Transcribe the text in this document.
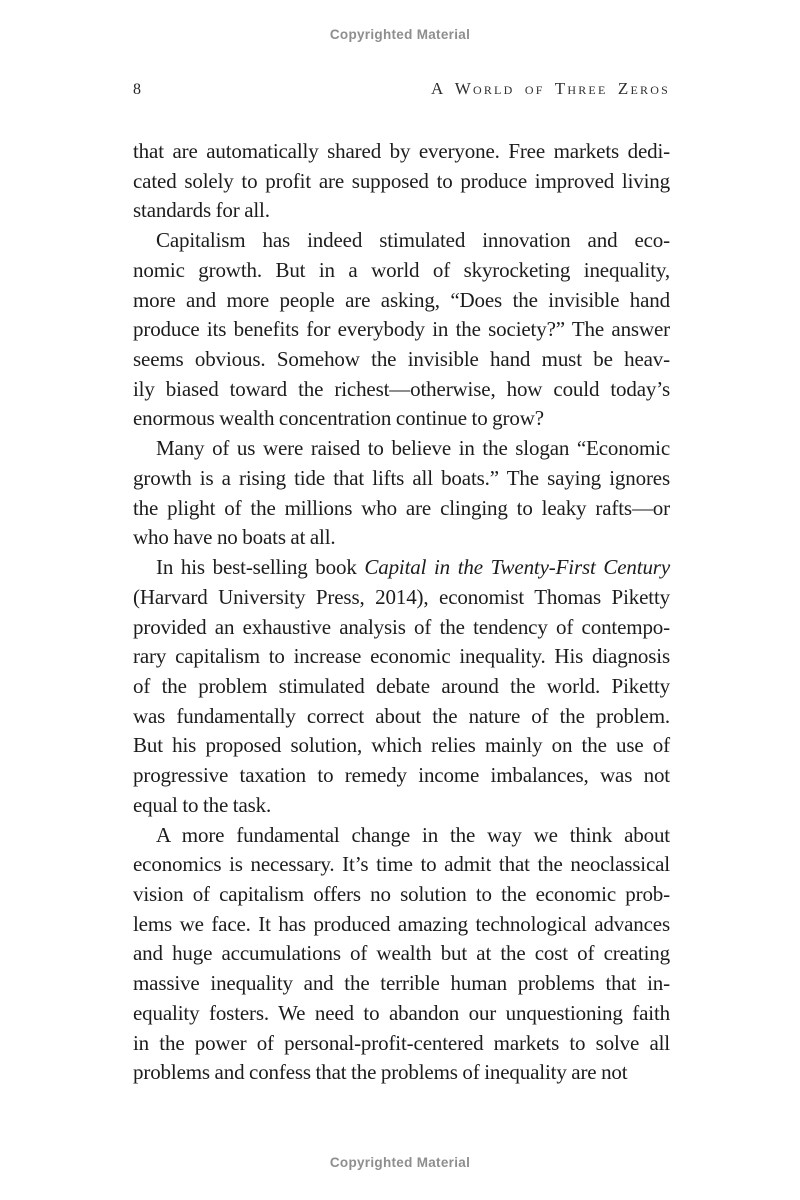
Copyrighted Material
8	A World of Three Zeros
that are automatically shared by everyone. Free markets dedi-
cated solely to profit are supposed to produce improved living
standards for all.
Capitalism has indeed stimulated innovation and eco-
nomic growth. But in a world of skyrocketing inequality,
more and more people are asking, “Does the invisible hand
produce its benefits for everybody in the society?” The answer
seems obvious. Somehow the invisible hand must be heav-
ily biased toward the richest—otherwise, how could today’s
enormous wealth concentration continue to grow?
Many of us were raised to believe in the slogan “Economic
growth is a rising tide that lifts all boats.” The saying ignores
the plight of the millions who are clinging to leaky rafts—or
who have no boats at all.
In his best-selling book Capital in the Twenty-First Century
(Harvard University Press, 2014), economist Thomas Piketty
provided an exhaustive analysis of the tendency of contempo-
rary capitalism to increase economic inequality. His diagnosis
of the problem stimulated debate around the world. Piketty
was fundamentally correct about the nature of the problem.
But his proposed solution, which relies mainly on the use of
progressive taxation to remedy income imbalances, was not
equal to the task.
A more fundamental change in the way we think about
economics is necessary. It’s time to admit that the neoclassical
vision of capitalism offers no solution to the economic prob-
lems we face. It has produced amazing technological advances
and huge accumulations of wealth but at the cost of creating
massive inequality and the terrible human problems that in-
equality fosters. We need to abandon our unquestioning faith
in the power of personal-profit-centered markets to solve all
problems and confess that the problems of inequality are not
Copyrighted Material
